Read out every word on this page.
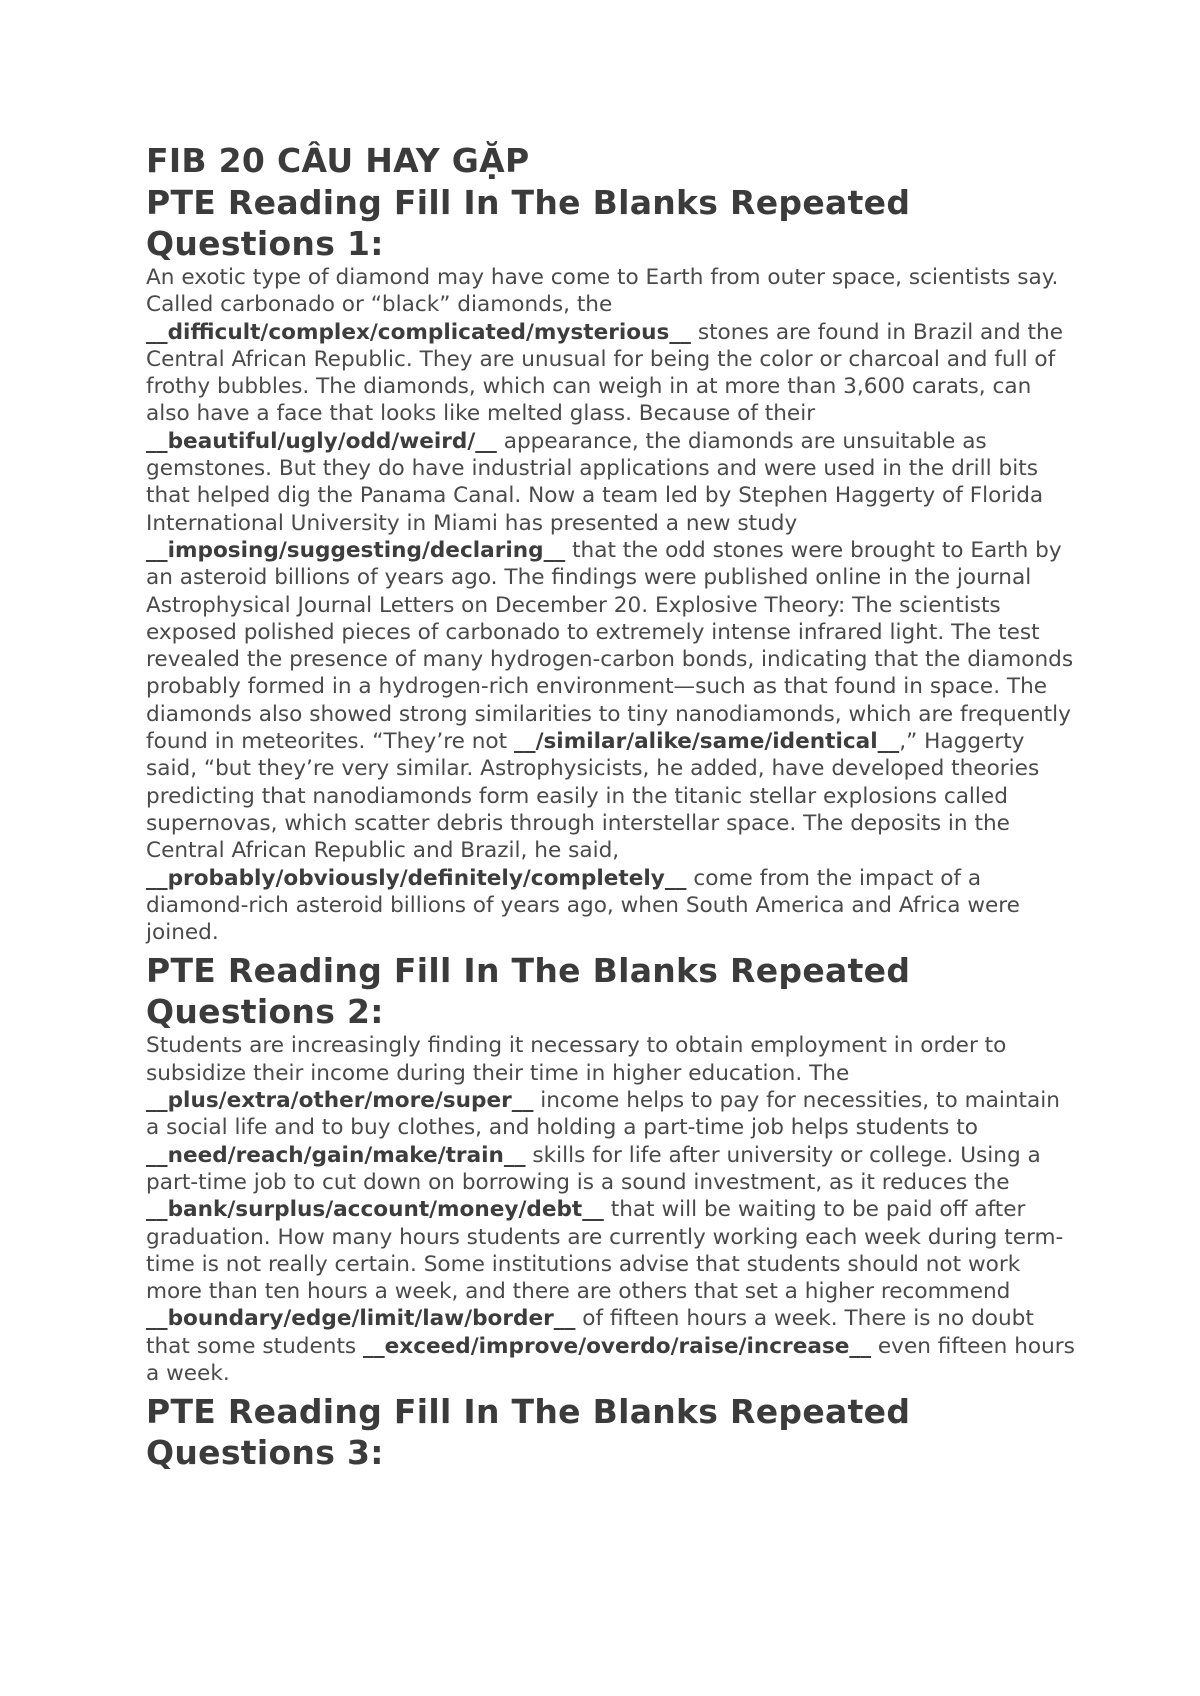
FIB 20 CÂU HAY GẶP
PTE Reading Fill In The Blanks Repeated Questions 1:

An exotic type of diamond may have come to Earth from outer space, scientists say. Called carbonado or “black” diamonds, the __difficult/complex/complicated/mysterious__ stones are found in Brazil and the Central African Republic. They are unusual for being the color or charcoal and full of frothy bubbles. The diamonds, which can weigh in at more than 3,600 carats, can also have a face that looks like melted glass. Because of their __beautiful/ugly/odd/weird/__ appearance, the diamonds are unsuitable as gemstones. But they do have industrial applications and were used in the drill bits that helped dig the Panama Canal. Now a team led by Stephen Haggerty of Florida International University in Miami has presented a new study __imposing/suggesting/declaring__ that the odd stones were brought to Earth by an asteroid billions of years ago. The findings were published online in the journal Astrophysical Journal Letters on December 20. Explosive Theory: The scientists exposed polished pieces of carbonado to extremely intense infrared light. The test revealed the presence of many hydrogen-carbon bonds, indicating that the diamonds probably formed in a hydrogen-rich environment—such as that found in space. The diamonds also showed strong similarities to tiny nanodiamonds, which are frequently found in meteorites. “They’re not __/similar/alike/same/identical__,” Haggerty said, “but they’re very similar. Astrophysicists, he added, have developed theories predicting that nanodiamonds form easily in the titanic stellar explosions called supernovas, which scatter debris through interstellar space. The deposits in the Central African Republic and Brazil, he said, __probably/obviously/definitely/completely__ come from the impact of a diamond-rich asteroid billions of years ago, when South America and Africa were joined.

PTE Reading Fill In The Blanks Repeated Questions 2:

Students are increasingly finding it necessary to obtain employment in order to subsidize their income during their time in higher education. The __plus/extra/other/more/super__ income helps to pay for necessities, to maintain a social life and to buy clothes, and holding a part-time job helps students to __need/reach/gain/make/train__ skills for life after university or college. Using a part-time job to cut down on borrowing is a sound investment, as it reduces the __bank/surplus/account/money/debt__ that will be waiting to be paid off after graduation. How many hours students are currently working each week during term-time is not really certain. Some institutions advise that students should not work more than ten hours a week, and there are others that set a higher recommend __boundary/edge/limit/law/border__ of fifteen hours a week. There is no doubt that some students __exceed/improve/overdo/raise/increase__ even fifteen hours a week.

PTE Reading Fill In The Blanks Repeated Questions 3:
